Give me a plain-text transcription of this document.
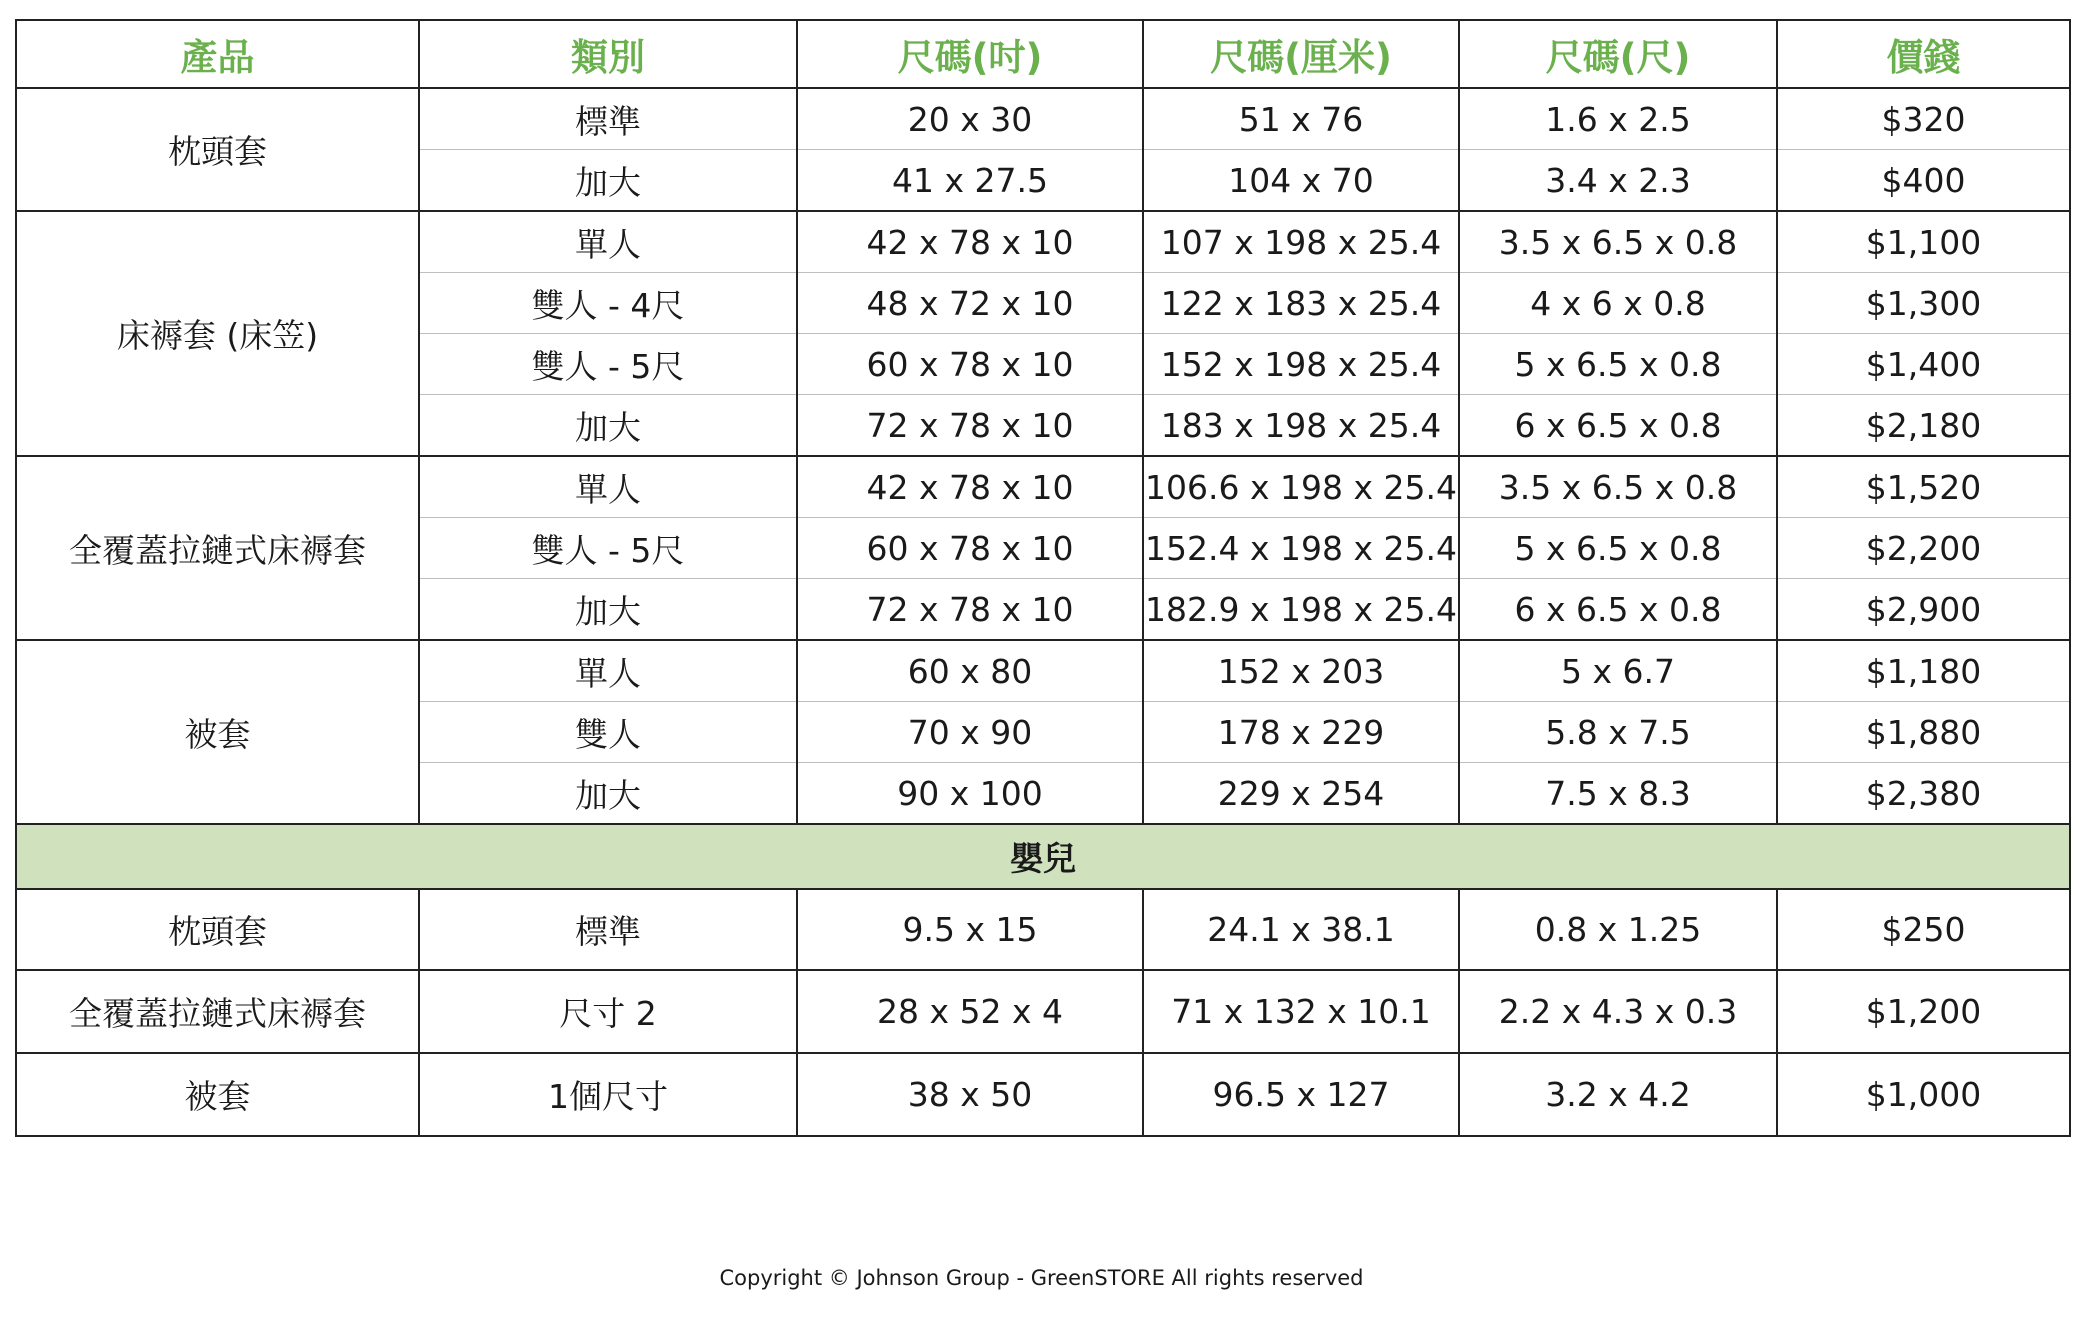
產品	類別	尺碼(吋)	尺碼(厘米)	尺碼(尺)	價錢
枕頭套	標準	20 x 30	51 x 76	1.6 x 2.5	$320
	加大	41 x 27.5	104 x 70	3.4 x 2.3	$400
床褥套 (床笠)	單人	42 x 78 x 10	107 x 198 x 25.4	3.5 x 6.5 x 0.8	$1,100
	雙人 - 4尺	48 x 72 x 10	122 x 183 x 25.4	4 x 6 x 0.8	$1,300
	雙人 - 5尺	60 x 78 x 10	152 x 198 x 25.4	5 x 6.5 x 0.8	$1,400
	加大	72 x 78 x 10	183 x 198 x 25.4	6 x 6.5 x 0.8	$2,180
全覆蓋拉鏈式床褥套	單人	42 x 78 x 10	106.6 x 198 x 25.4	3.5 x 6.5 x 0.8	$1,520
	雙人 - 5尺	60 x 78 x 10	152.4 x 198 x 25.4	5 x 6.5 x 0.8	$2,200
	加大	72 x 78 x 10	182.9 x 198 x 25.4	6 x 6.5 x 0.8	$2,900
被套	單人	60 x 80	152 x 203	5 x 6.7	$1,180
	雙人	70 x 90	178 x 229	5.8 x 7.5	$1,880
	加大	90 x 100	229 x 254	7.5 x 8.3	$2,380
嬰兒					
枕頭套	標準	9.5 x 15	24.1 x 38.1	0.8 x 1.25	$250
全覆蓋拉鏈式床褥套	尺寸 2	28 x 52 x 4	71 x 132 x 10.1	2.2 x 4.3 x 0.3	$1,200
被套	1個尺寸	38 x 50	96.5 x 127	3.2 x 4.2	$1,000
Copyright © Johnson Group - GreenSTORE All rights reserved
